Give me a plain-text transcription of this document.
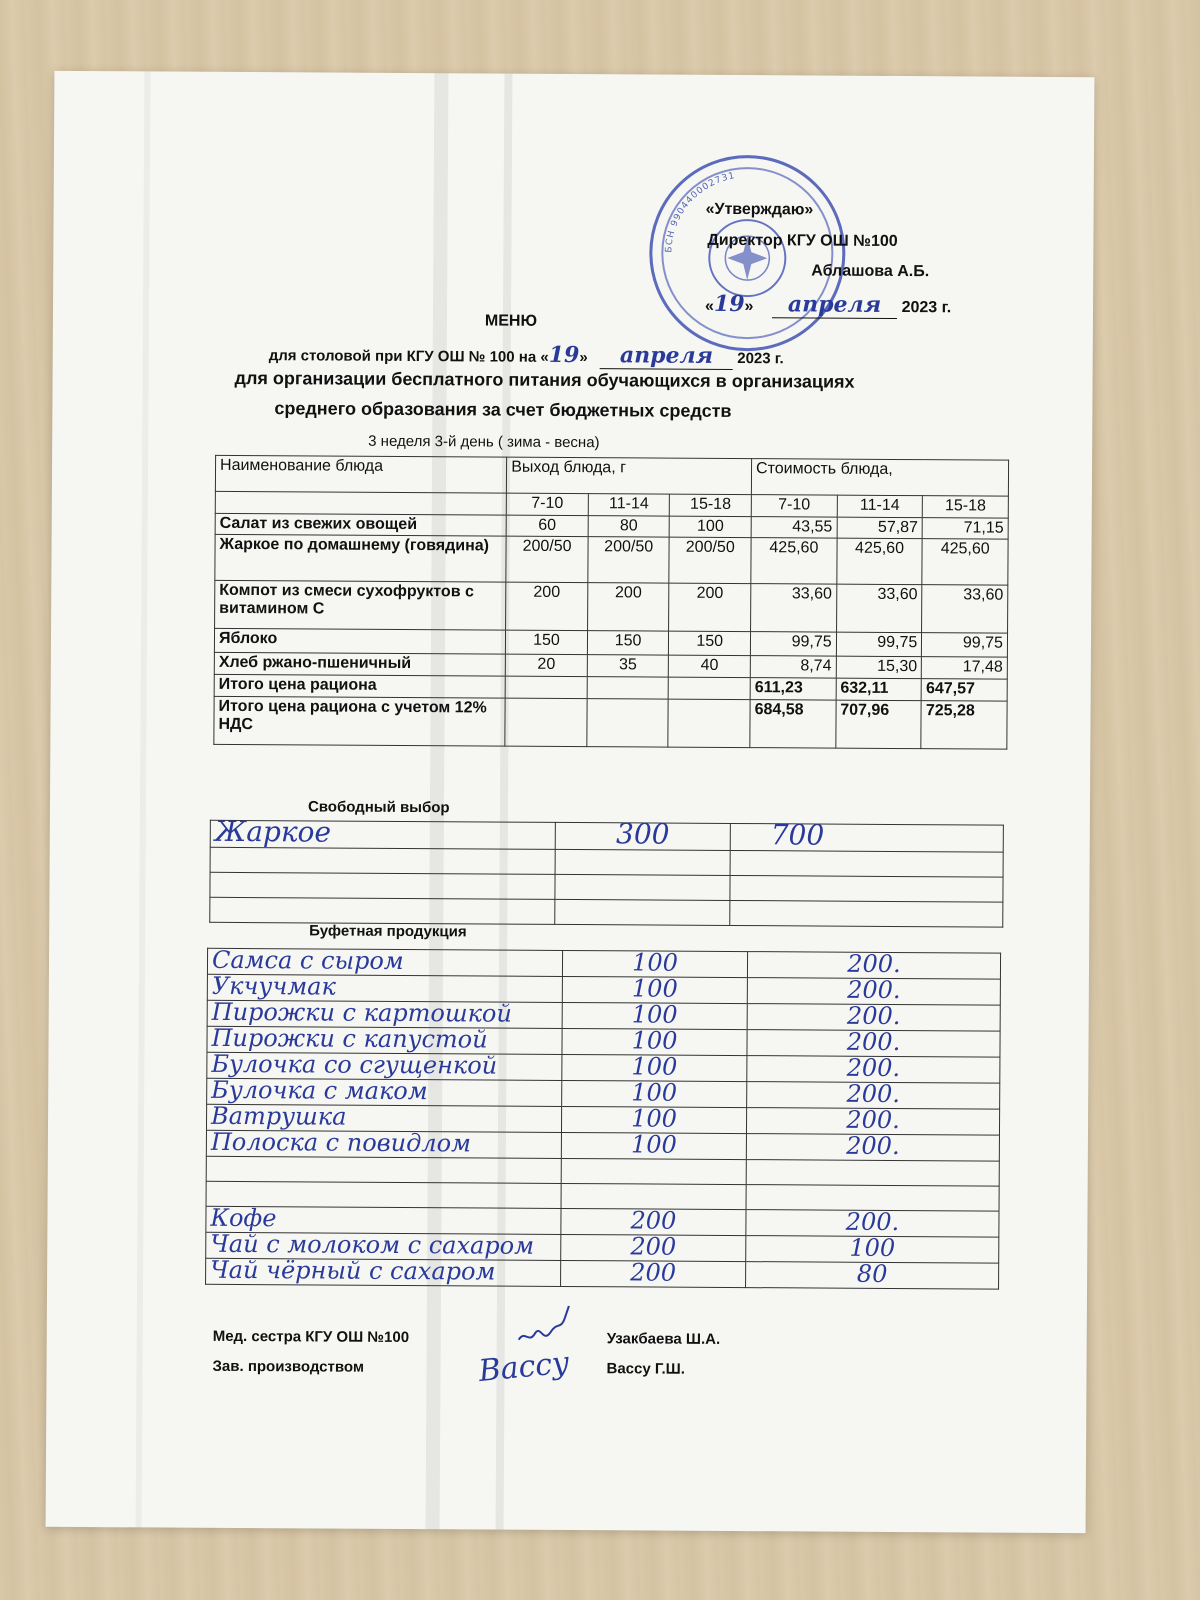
БСН 990440002731
«Утверждаю»
Директор КГУ ОШ №100
Аблашова А.Б.
«19» апреля 2023 г.
МЕНЮ
для столовой при КГУ ОШ № 100 на «19» апреля 2023 г.
для организации бесплатного питания обучающихся в организациях
среднего образования за счет бюджетных средств
3 неделя 3-й день ( зима - весна)
Наименование блюда	Выход блюда, г			Стоимость блюда,		
	7-10	11-14	15-18	7-10	11-14	15-18
Салат из свежих овощей	60	80	100	43,55	57,87	71,15
Жаркое по домашнему (говядина)	200/50	200/50	200/50	425,60	425,60	425,60
Компот из смеси сухофруктов с витамином С	200	200	200	33,60	33,60	33,60
Яблоко	150	150	150	99,75	99,75	99,75
Хлеб ржано-пшеничный	20	35	40	8,74	15,30	17,48
Итого цена рациона				611,23	632,11	647,57
Итого цена рациона с учетом 12% НДС				684,58	707,96	725,28
Свободный выбор
Жаркое	300	700

Буфетная продукция
Самса с сыром	100	200.
Укчучмак	100	200.
Пирожки с картошкой	100	200.
Пирожки с капустой	100	200.
Булочка со сгущенкой	100	200.
Булочка с маком	100	200.
Ватрушка	100	200.
Полоска с повидлом	100	200.

Кофе	200	200.
Чай с молоком с сахаром	200	100
Чай чёрный с сахаром	200	80
Мед. сестра КГУ ОШ №100	Узакбаева Ш.А.
Зав. производством	Вассу Г.Ш.
Вассу
